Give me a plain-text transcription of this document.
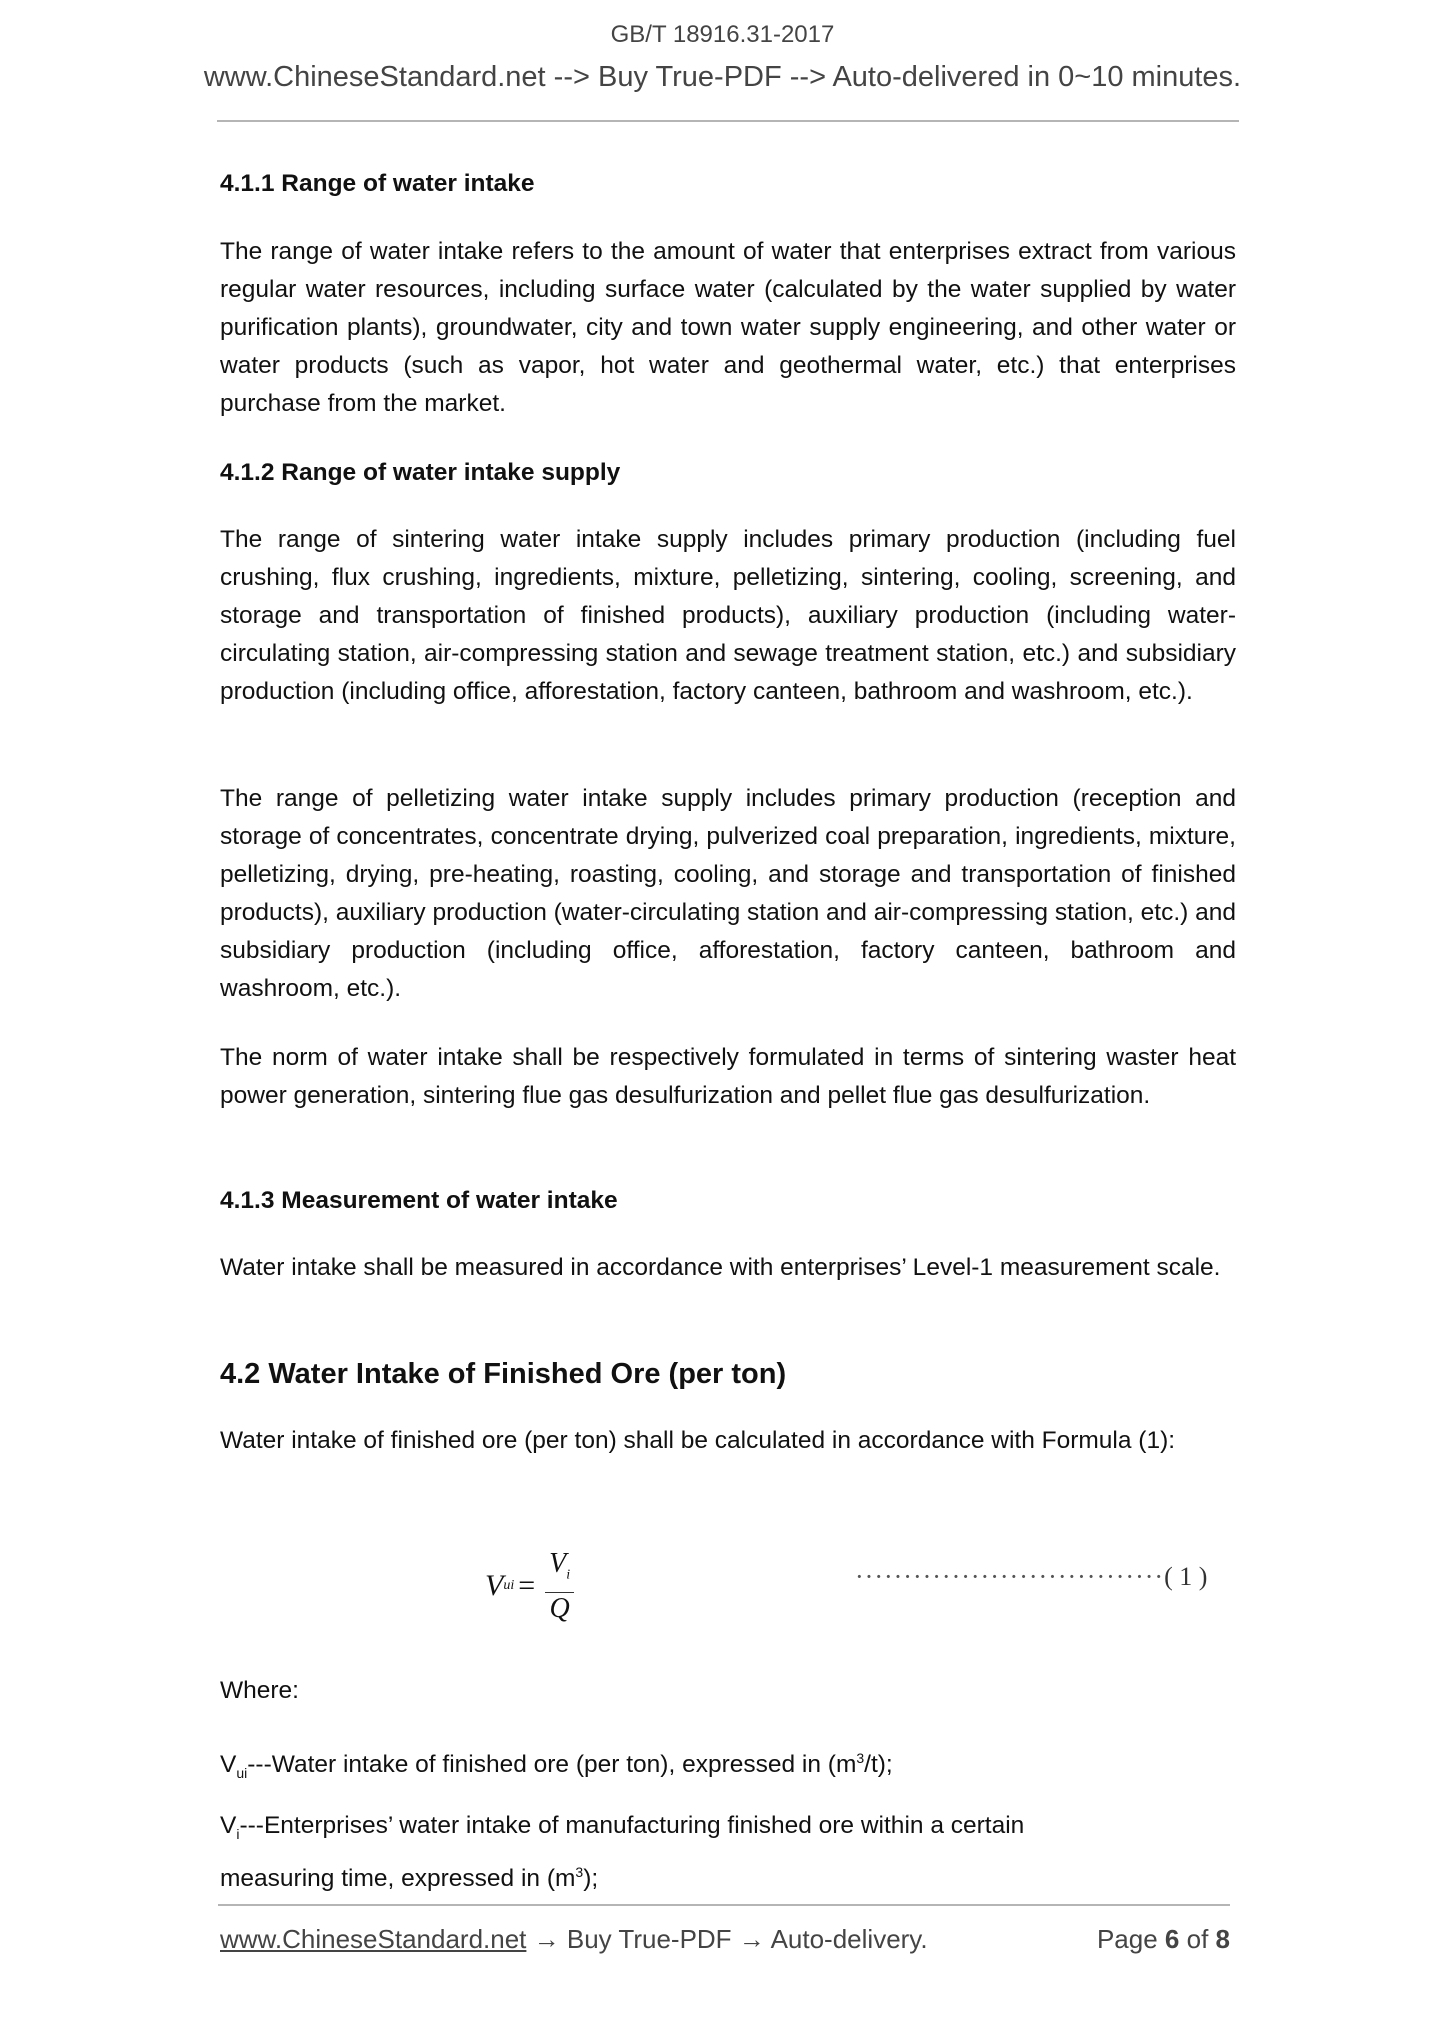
GB/T 18916.31-2017
www.ChineseStandard.net --> Buy True-PDF --> Auto-delivered in 0~10 minutes.
4.1.1 Range of water intake
The range of water intake refers to the amount of water that enterprises extract from various regular water resources, including surface water (calculated by the water supplied by water purification plants), groundwater, city and town water supply engineering, and other water or water products (such as vapor, hot water and geothermal water, etc.) that enterprises purchase from the market.
4.1.2 Range of water intake supply
The range of sintering water intake supply includes primary production (including fuel crushing, flux crushing, ingredients, mixture, pelletizing, sintering, cooling, screening, and storage and transportation of finished products), auxiliary production (including water-circulating station, air-compressing station and sewage treatment station, etc.) and subsidiary production (including office, afforestation, factory canteen, bathroom and washroom, etc.).
The range of pelletizing water intake supply includes primary production (reception and storage of concentrates, concentrate drying, pulverized coal preparation, ingredients, mixture, pelletizing, drying, pre-heating, roasting, cooling, and storage and transportation of finished products), auxiliary production (water-circulating station and air-compressing station, etc.) and subsidiary production (including office, afforestation, factory canteen, bathroom and washroom, etc.).
The norm of water intake shall be respectively formulated in terms of sintering waster heat power generation, sintering flue gas desulfurization and pellet flue gas desulfurization.
4.1.3 Measurement of water intake
Water intake shall be measured in accordance with enterprises’ Level-1 measurement scale.
4.2 Water Intake of Finished Ore (per ton)
Water intake of finished ore (per ton) shall be calculated in accordance with Formula (1):
V ui = $\frac{V_i}{Q}$	································( 1 )
Where:
$V_{ui}--$-Water intake of finished ore (per ton), expressed in $(m^3/t)$;
$V_i--$-Enterprises’ water intake of manufacturing finished ore within a certain measuring time, expressed in $(m^3)$;
www.ChineseStandard.net → Buy True-PDF → Auto-delivery.	Page 6 of 8
